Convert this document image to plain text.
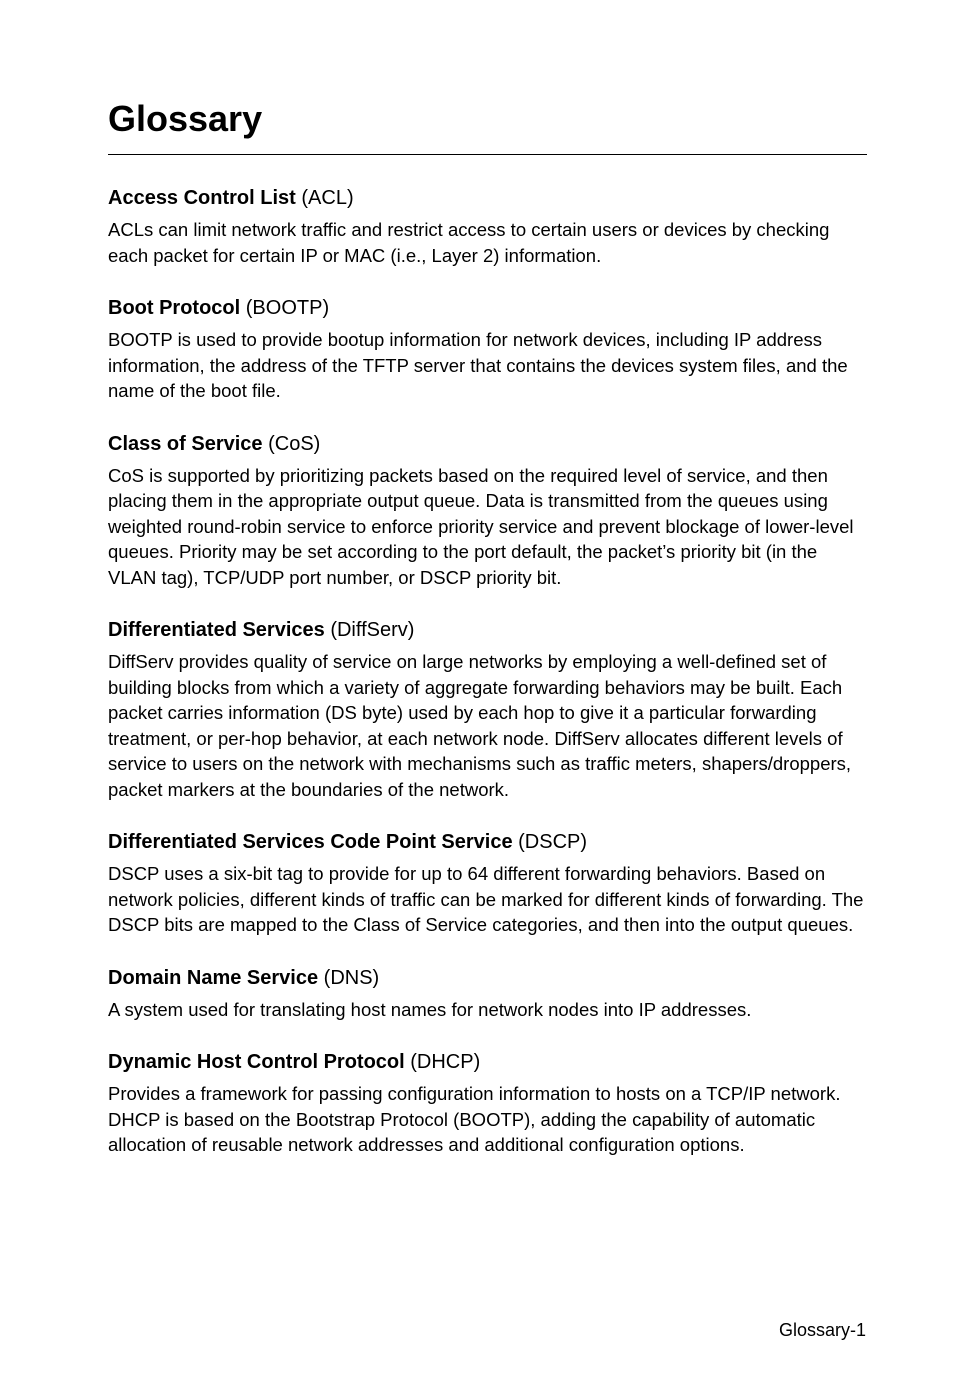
Glossary

Access Control List (ACL)

ACLs can limit network traffic and restrict access to certain users or devices by checking each packet for certain IP or MAC (i.e., Layer 2) information.

Boot Protocol (BOOTP)

BOOTP is used to provide bootup information for network devices, including IP address information, the address of the TFTP server that contains the devices system files, and the name of the boot file.

Class of Service (CoS)

CoS is supported by prioritizing packets based on the required level of service, and then placing them in the appropriate output queue. Data is transmitted from the queues using weighted round-robin service to enforce priority service and prevent blockage of lower-level queues. Priority may be set according to the port default, the packet’s priority bit (in the VLAN tag), TCP/UDP port number, or DSCP priority bit.

Differentiated Services (DiffServ)

DiffServ provides quality of service on large networks by employing a well-defined set of building blocks from which a variety of aggregate forwarding behaviors may be built. Each packet carries information (DS byte) used by each hop to give it a particular forwarding treatment, or per-hop behavior, at each network node. DiffServ allocates different levels of service to users on the network with mechanisms such as traffic meters, shapers/droppers, packet markers at the boundaries of the network.

Differentiated Services Code Point Service (DSCP)

DSCP uses a six-bit tag to provide for up to 64 different forwarding behaviors. Based on network policies, different kinds of traffic can be marked for different kinds of forwarding. The DSCP bits are mapped to the Class of Service categories, and then into the output queues.

Domain Name Service (DNS)

A system used for translating host names for network nodes into IP addresses.

Dynamic Host Control Protocol (DHCP)

Provides a framework for passing configuration information to hosts on a TCP/IP network. DHCP is based on the Bootstrap Protocol (BOOTP), adding the capability of automatic allocation of reusable network addresses and additional configuration options.

Glossary-1
